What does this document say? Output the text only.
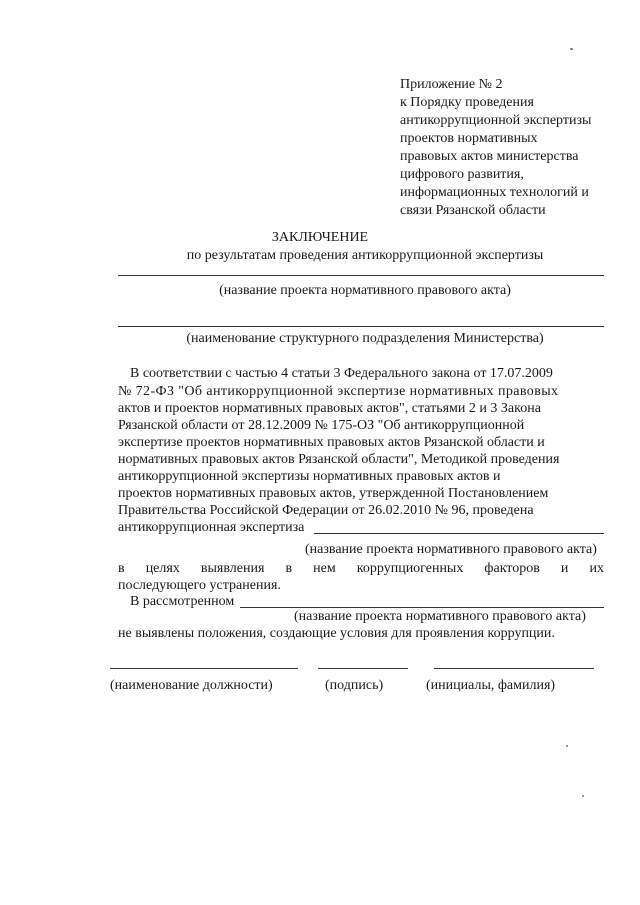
Приложение № 2
к Порядку проведения
антикоррупционной экспертизы
проектов нормативных
правовых актов министерства
цифрового развития,
информационных технологий и
связи Рязанской области
ЗАКЛЮЧЕНИЕ
по результатам проведения антикоррупционной экспертизы
(название проекта нормативного правового акта)
(наименование структурного подразделения Министерства)
В соответствии с частью 4 статьи 3 Федерального закона от 17.07.2009
№ 72-ФЗ "Об антикоррупционной экспертизе нормативных правовых
актов и проектов нормативных правовых актов", статьями 2 и 3 Закона
Рязанской области от 28.12.2009 № 175-ОЗ "Об антикоррупционной
экспертизе проектов нормативных правовых актов Рязанской области и
нормативных правовых актов Рязанской области", Методикой проведения
антикоррупционной экспертизы нормативных правовых актов и
проектов нормативных правовых актов, утвержденной Постановлением
Правительства Российской Федерации от 26.02.2010 № 96, проведена
антикоррупционная экспертиза
(название проекта нормативного правового акта)
в целях выявления в нем коррупциогенных факторов и их
последующего устранения.
В рассмотренном
(название проекта нормативного правового акта)
не выявлены положения, создающие условия для проявления коррупции.
(наименование должности)	(подпись)	(инициалы, фамилия)
